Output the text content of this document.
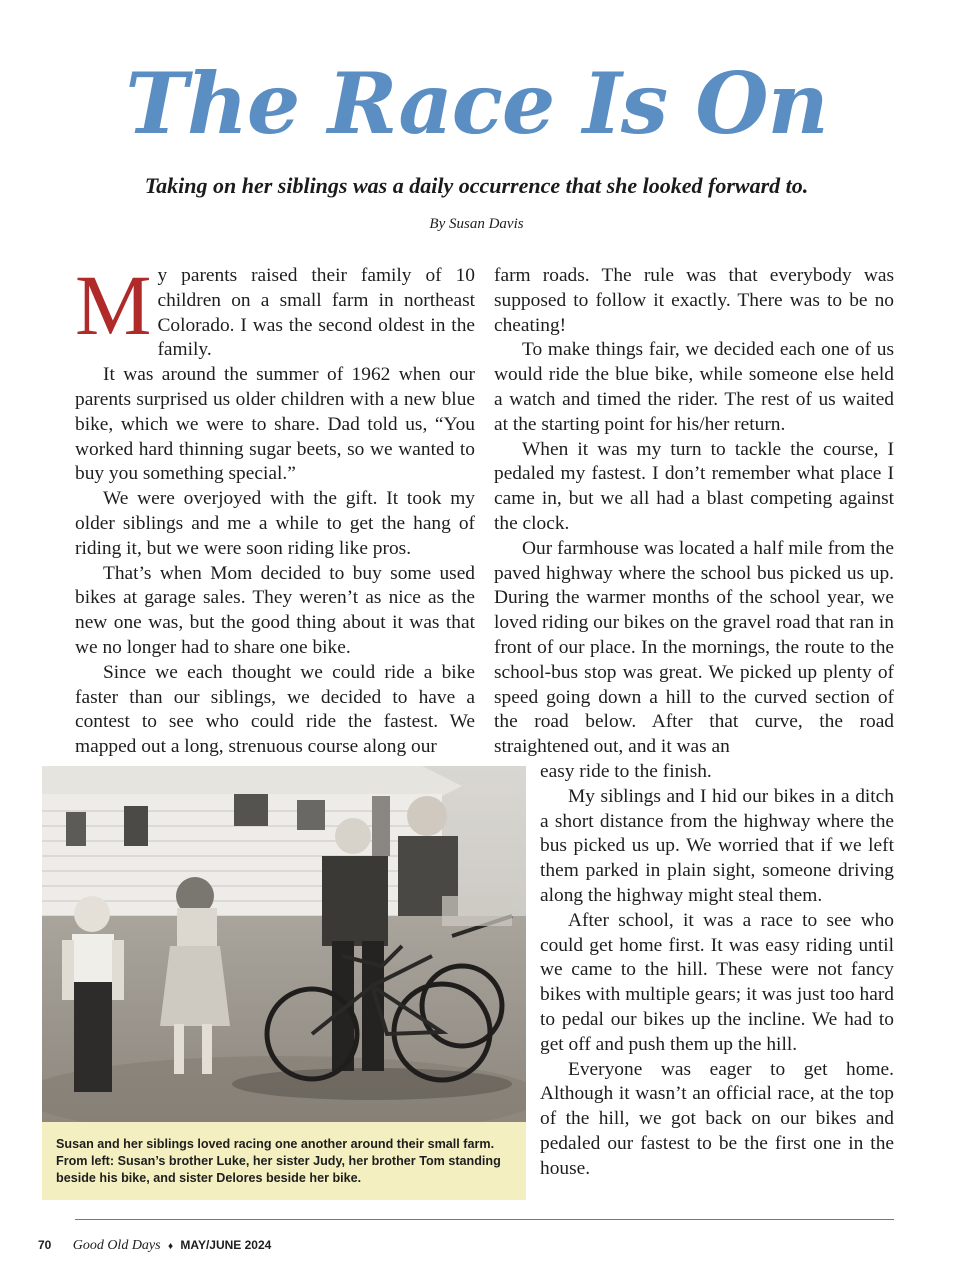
The Race Is On

Taking on her siblings was a daily occurrence that she looked forward to.

By Susan Davis

My parents raised their family of 10 children on a small farm in northeast Colorado. I was the second oldest in the family.

It was around the summer of 1962 when our parents surprised us older children with a new blue bike, which we were to share. Dad told us, “You worked hard thinning sugar beets, so we wanted to buy you something special.”

We were overjoyed with the gift. It took my older siblings and me a while to get the hang of riding it, but we were soon riding like pros.

That’s when Mom decided to buy some used bikes at garage sales. They weren’t as nice as the new one was, but the good thing about it was that we no longer had to share one bike.

Since we each thought we could ride a bike faster than our siblings, we decided to have a contest to see who could ride the fastest. We mapped out a long, strenuous course along our

farm roads. The rule was that everybody was supposed to follow it exactly. There was to be no cheating!

To make things fair, we decided each one of us would ride the blue bike, while someone else held a watch and timed the rider. The rest of us waited at the starting point for his/her return.

When it was my turn to tackle the course, I pedaled my fastest. I don’t remember what place I came in, but we all had a blast competing against the clock.

Our farmhouse was located a half mile from the paved highway where the school bus picked us up. During the warmer months of the school year, we loved riding our bikes on the gravel road that ran in front of our place. In the mornings, the route to the school-bus stop was great. We picked up plenty of speed going down a hill to the curved section of the road below. After that curve, the road straightened out, and it was an

easy ride to the finish.

My siblings and I hid our bikes in a ditch a short distance from the highway where the bus picked us up. We worried that if we left them parked in plain sight, someone driving along the highway might steal them.

After school, it was a race to see who could get home first. It was easy riding until we came to the hill. These were not fancy bikes with multiple gears; it was just too hard to pedal our bikes up the incline. We had to get off and push them up the hill.

Everyone was eager to get home. Although it wasn’t an official race, at the top of the hill, we got back on our bikes and pedaled our fastest to be the first one in the house.

Susan and her siblings loved racing one another around their small farm. From left: Susan’s brother Luke, her sister Judy, her brother Tom standing beside his bike, and sister Delores beside her bike.
70 Good Old Days ♦ MAY/JUNE 2024
